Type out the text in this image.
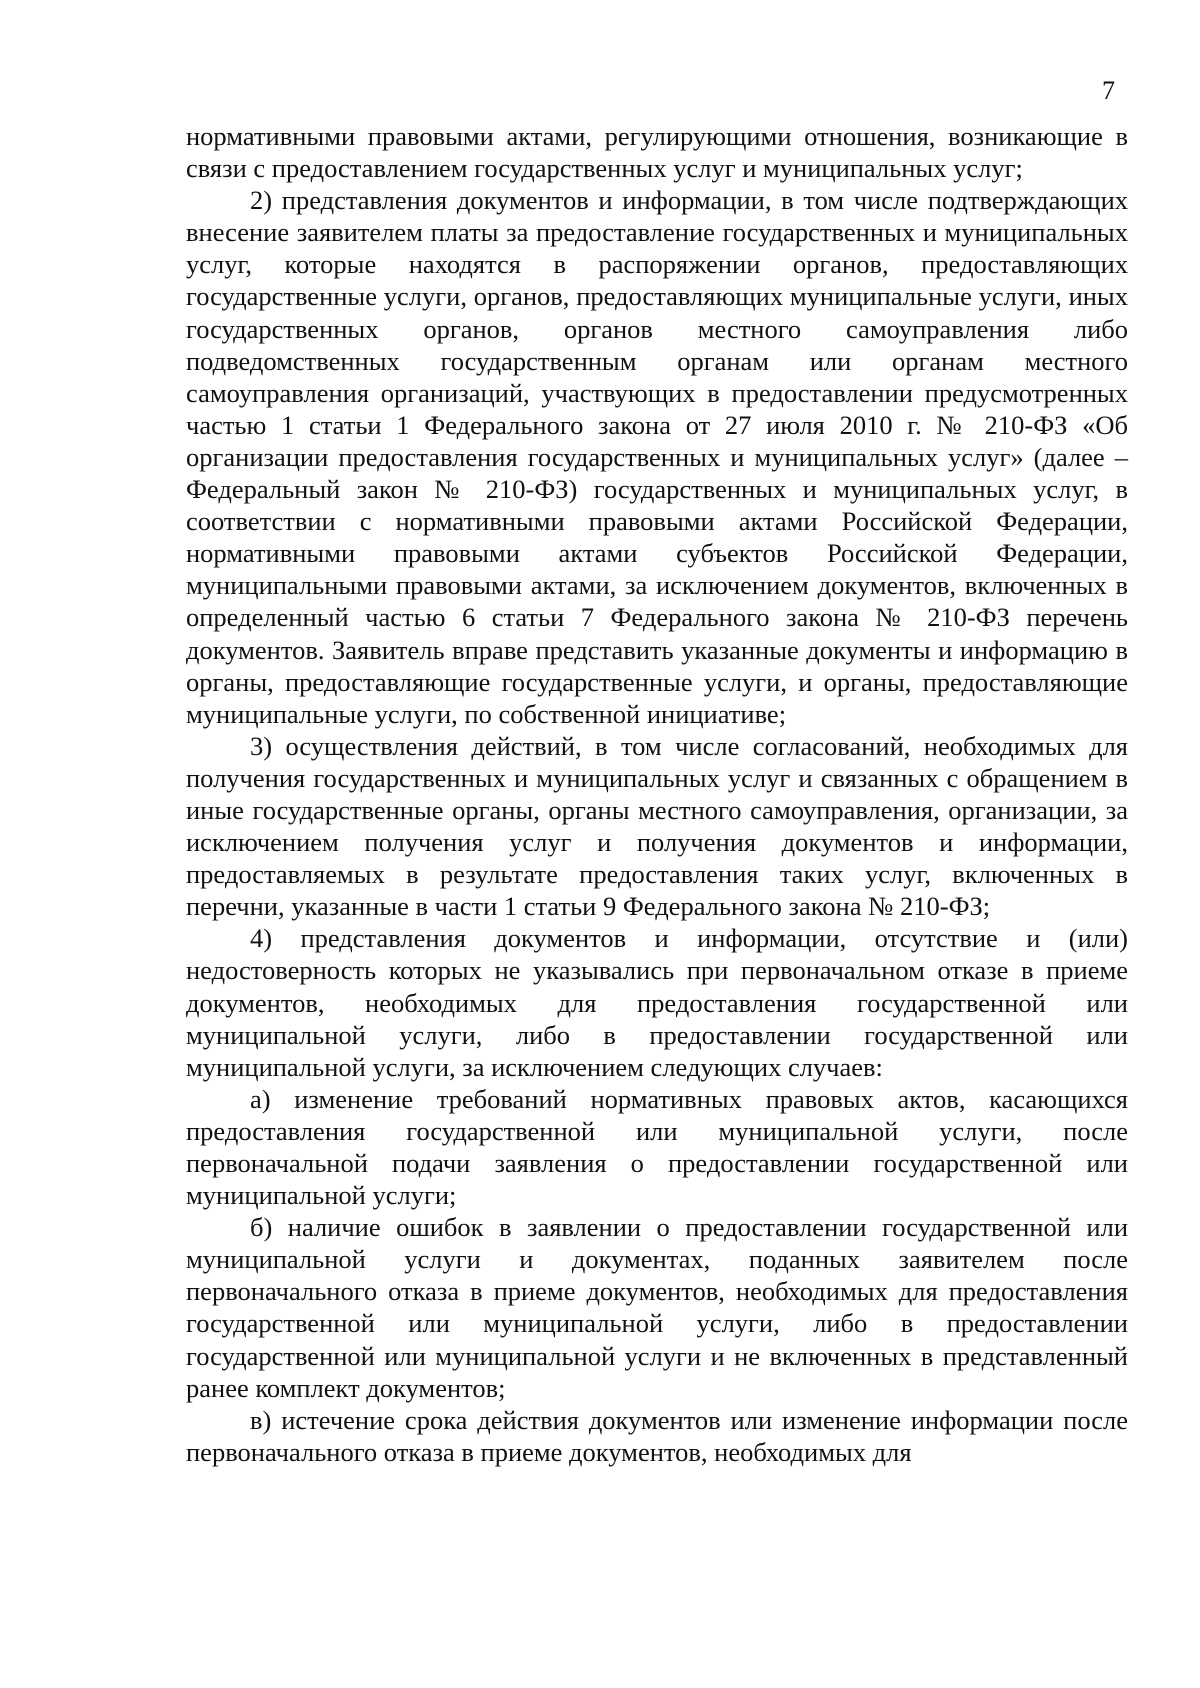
7

нормативными правовыми актами, регулирующими отношения, возникающие в связи с предоставлением государственных услуг и муниципальных услуг;

2) представления документов и информации, в том числе подтверждающих внесение заявителем платы за предоставление государственных и муниципальных услуг, которые находятся в распоряжении органов, предоставляющих государственные услуги, органов, предоставляющих муниципальные услуги, иных государственных органов, органов местного самоуправления либо подведомственных государственным органам или органам местного самоуправления организаций, участвующих в предоставлении предусмотренных частью 1 статьи 1 Федерального закона от 27 июля 2010 г. № 210-ФЗ «Об организации предоставления государственных и муниципальных услуг» (далее – Федеральный закон № 210-ФЗ) государственных и муниципальных услуг, в соответствии с нормативными правовыми актами Российской Федерации, нормативными правовыми актами субъектов Российской Федерации, муниципальными правовыми актами, за исключением документов, включенных в определенный частью 6 статьи 7 Федерального закона № 210-ФЗ перечень документов. Заявитель вправе представить указанные документы и информацию в органы, предоставляющие государственные услуги, и органы, предоставляющие муниципальные услуги, по собственной инициативе;

3) осуществления действий, в том числе согласований, необходимых для получения государственных и муниципальных услуг и связанных с обращением в иные государственные органы, органы местного самоуправления, организации, за исключением получения услуг и получения документов и информации, предоставляемых в результате предоставления таких услуг, включенных в перечни, указанные в части 1 статьи 9 Федерального закона № 210-ФЗ;

4) представления документов и информации, отсутствие и (или) недостоверность которых не указывались при первоначальном отказе в приеме документов, необходимых для предоставления государственной или муниципальной услуги, либо в предоставлении государственной или муниципальной услуги, за исключением следующих случаев:

а) изменение требований нормативных правовых актов, касающихся предоставления государственной или муниципальной услуги, после первоначальной подачи заявления о предоставлении государственной или муниципальной услуги;

б) наличие ошибок в заявлении о предоставлении государственной или муниципальной услуги и документах, поданных заявителем после первоначального отказа в приеме документов, необходимых для предоставления государственной или муниципальной услуги, либо в предоставлении государственной или муниципальной услуги и не включенных в представленный ранее комплект документов;

в) истечение срока действия документов или изменение информации после первоначального отказа в приеме документов, необходимых для
